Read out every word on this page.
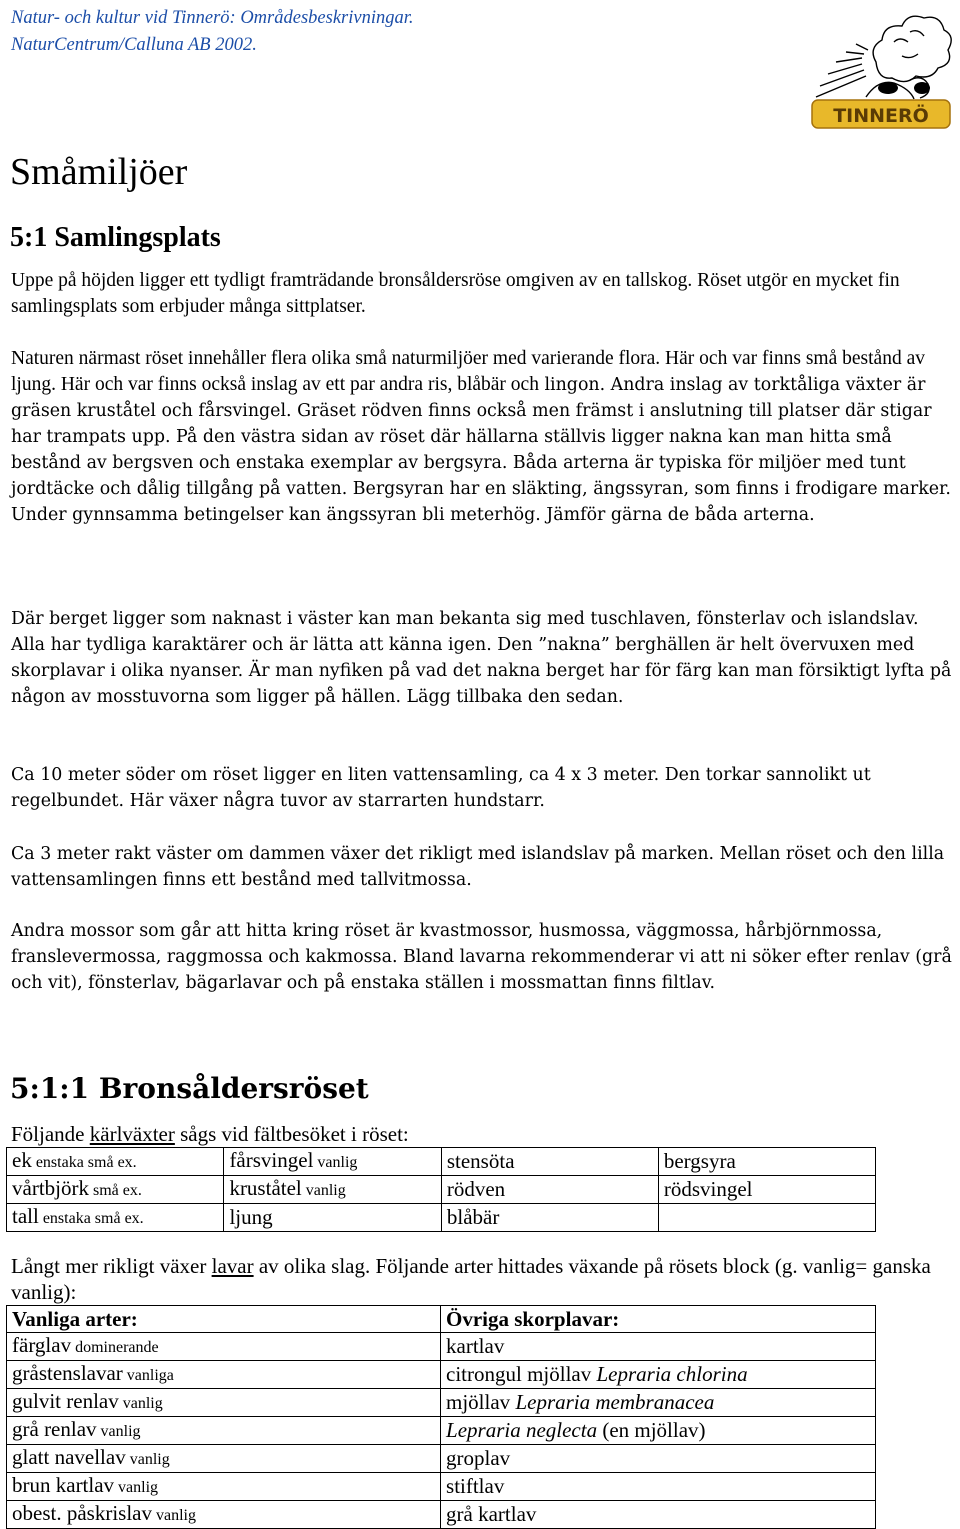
Natur- och kultur vid Tinnerö: Områdesbeskrivningar.
NaturCentrum/Calluna AB 2002.
TINNERÖ
Småmiljöer
5:1 Samlingsplats

Uppe på höjden ligger ett tydligt framträdande bronsåldersröse omgiven av en tallskog. Röset utgör en mycket fin samlingsplats som erbjuder många sittplatser.

Naturen närmast röset innehåller flera olika små naturmiljöer med varierande flora. Här och var finns små bestånd av ljung. Här och var finns också inslag av ett par andra ris, blåbär och lingon. Andra inslag av torktåliga växter är gräsen kruståtel och fårsvingel. Gräset rödven finns också men främst i anslutning till platser där stigar har trampats upp. På den västra sidan av röset där hällarna ställvis ligger nakna kan man hitta små bestånd av bergsven och enstaka exemplar av bergsyra. Båda arterna är typiska för miljöer med tunt jordtäcke och dålig tillgång på vatten. Bergsyran har en släkting, ängssyran, som finns i frodigare marker. Under gynnsamma betingelser kan ängssyran bli meterhög. Jämför gärna de båda arterna.

Där berget ligger som naknast i väster kan man bekanta sig med tuschlaven, fönsterlav och islandslav. Alla har tydliga karaktärer och är lätta att känna igen. Den ”nakna” berghällen är helt övervuxen med skorplavar i olika nyanser. Är man nyfiken på vad det nakna berget har för färg kan man försiktigt lyfta på någon av mosstuvorna som ligger på hällen. Lägg tillbaka den sedan.

Ca 10 meter söder om röset ligger en liten vattensamling, ca 4 x 3 meter. Den torkar sannolikt ut regelbundet. Här växer några tuvor av starrarten hundstarr.

Ca 3 meter rakt väster om dammen växer det rikligt med islandslav på marken. Mellan röset och den lilla vattensamlingen finns ett bestånd med tallvitmossa.

Andra mossor som går att hitta kring röset är kvastmossor, husmossa, väggmossa, hårbjörnmossa, franslevermossa, raggmossa och kakmossa. Bland lavarna rekommenderar vi att ni söker efter renlav (grå och vit), fönsterlav, bägarlavar och på enstaka ställen i mossmattan finns filtlav.

5:1:1 Bronsåldersröset

Följande kärlväxter sågs vid fältbesöket i röset:

ek enstaka små ex.	fårsvingel vanlig	stensöta	bergsyra
vårtbjörk små ex.	kruståtel vanlig	rödven	rödsvingel
tall enstaka små ex.	ljung	blåbär	

Långt mer rikligt växer lavar av olika slag. Följande arter hittades växande på rösets block (g. vanlig= ganska vanlig):

Vanliga arter:	Övriga skorplavar:
färglav dominerande	kartlav
gråstenslavar vanliga	citrongul mjöllav Lepraria chlorina
gulvit renlav vanlig	mjöllav Lepraria membranacea
grå renlav vanlig	Lepraria neglecta (en mjöllav)
glatt navellav vanlig	groplav
brun kartlav vanlig	stiftlav
obest. påskrislav vanlig	grå kartlav
